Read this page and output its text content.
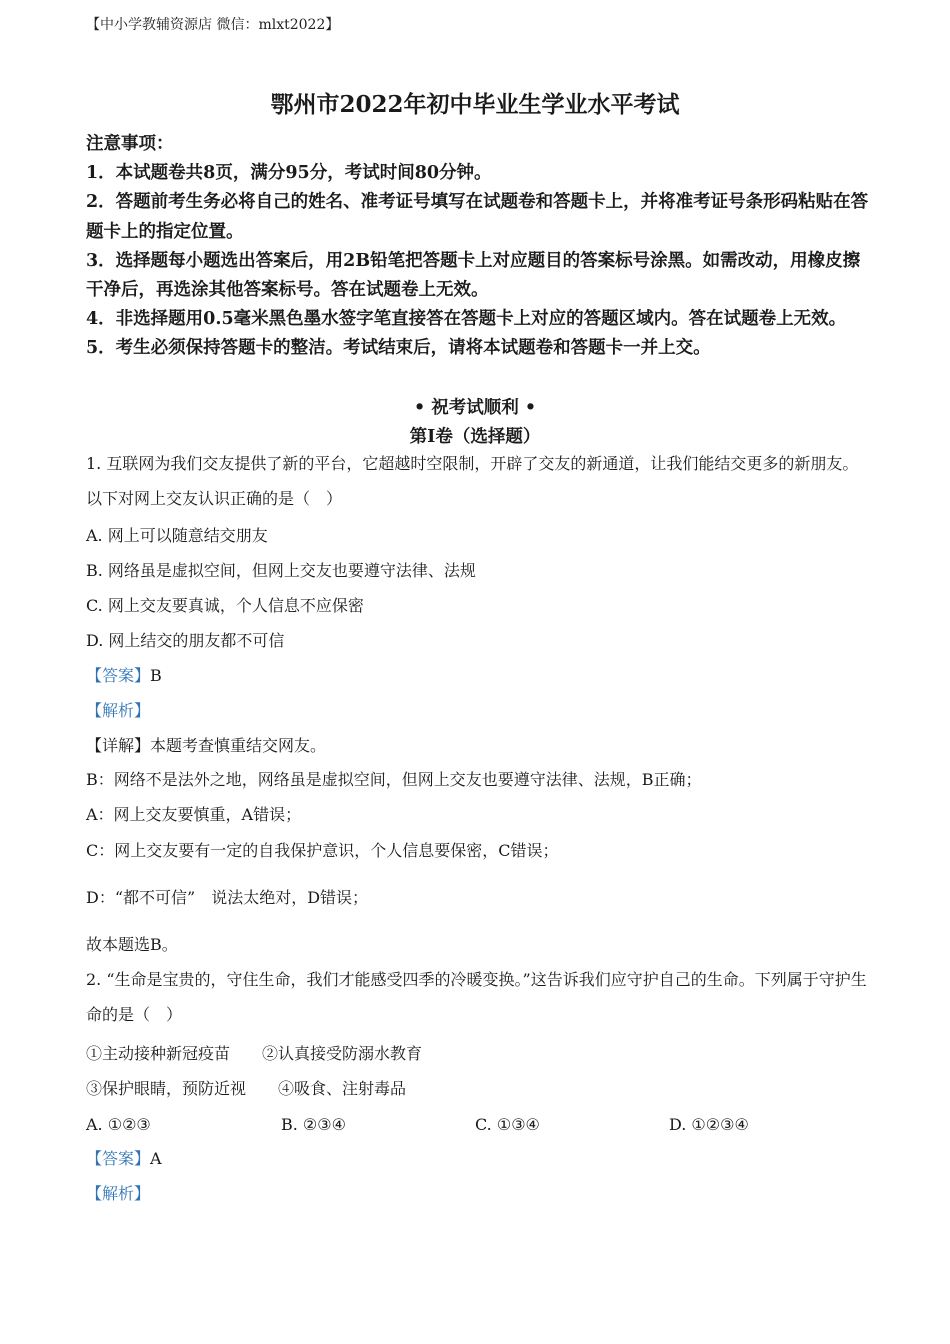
【中小学教辅资源店 微信：mlxt2022】
鄂州市2022年初中毕业生学业水平考试
注意事项：
1．本试题卷共8页，满分95分，考试时间80分钟。
2．答题前考生务必将自己的姓名、准考证号填写在试题卷和答题卡上，并将准考证号条形码粘贴在答题卡上的指定位置。
3．选择题每小题选出答案后，用2B铅笔把答题卡上对应题目的答案标号涂黑。如需改动，用橡皮擦干净后，再选涂其他答案标号。答在试题卷上无效。
4．非选择题用0.5毫米黑色墨水签字笔直接答在答题卡上对应的答题区域内。答在试题卷上无效。
5．考生必须保持答题卡的整洁。考试结束后，请将本试题卷和答题卡一并上交。
• 祝考试顺利 •
第Ⅰ卷（选择题）
1. 互联网为我们交友提供了新的平台，它超越时空限制，开辟了交友的新通道，让我们能结交更多的新朋友。以下对网上交友认识正确的是（　）
A. 网上可以随意结交朋友
B. 网络虽是虚拟空间，但网上交友也要遵守法律、法规
C. 网上交友要真诚，个人信息不应保密
D. 网上结交的朋友都不可信
【答案】B
【解析】
【详解】本题考查慎重结交网友。
B：网络不是法外之地，网络虽是虚拟空间，但网上交友也要遵守法律、法规，B正确；
A：网上交友要慎重，A错误；
C：网上交友要有一定的自我保护意识，个人信息要保密，C错误；
D：“都不可信”　说法太绝对，D错误；
故本题选B。
2. “生命是宝贵的，守住生命，我们才能感受四季的冷暖变换。”这告诉我们应守护自己的生命。下列属于守护生命的是（　）
①主动接种新冠疫苗　　②认真接受防溺水教育
③保护眼睛，预防近视　　④吸食、注射毒品
A. ①②③	B. ②③④	C. ①③④	D. ①②③④
【答案】A
【解析】
